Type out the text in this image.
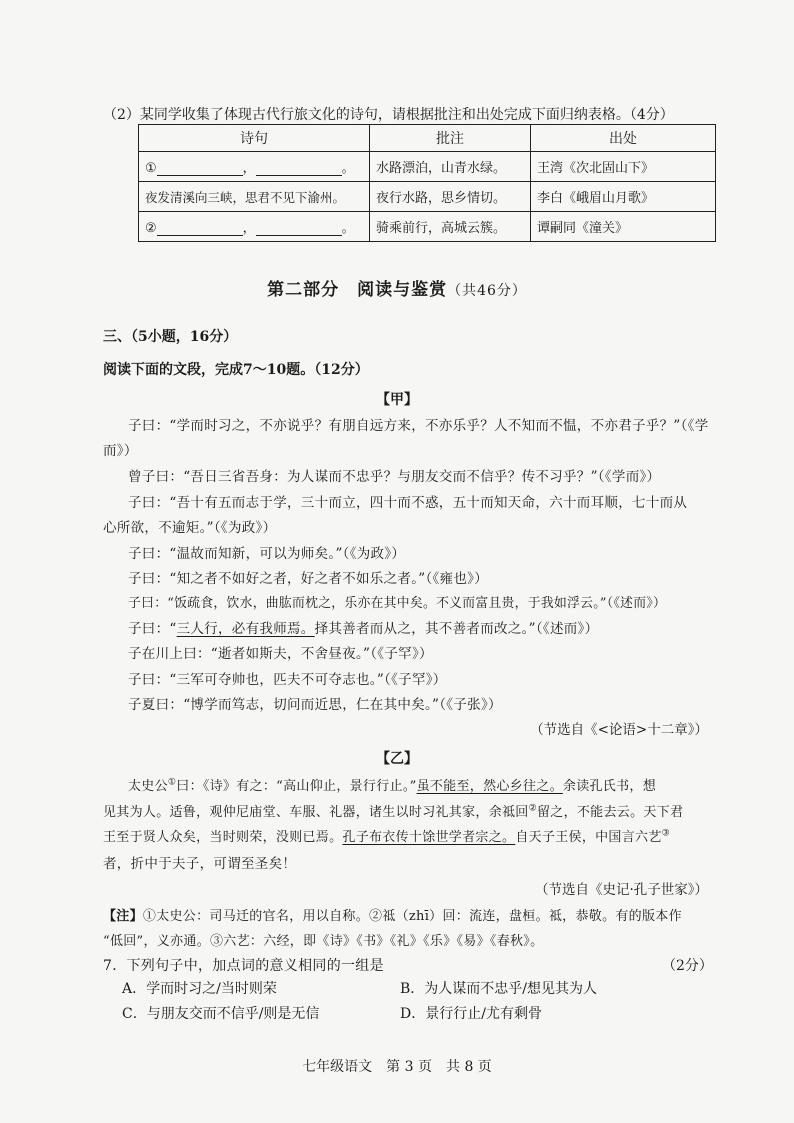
（2）某同学收集了体现古代行旅文化的诗句，请根据批注和出处完成下面归纳表格。（4分）
诗句	批注	出处
① ， 。	水路漂泊，山青水绿。	王湾《次北固山下》
夜发清溪向三峡，思君不见下渝州。	夜行水路，思乡情切。	李白《峨眉山月歌》
② ， 。	骑乘前行，高城云簇。	谭嗣同《潼关》
第二部分　阅读与鉴赏（共46分）
三、（5小题，16分）
阅读下面的文段，完成7～10题。（12分）
【甲】
子曰：“学而时习之，不亦说乎？有朋自远方来，不亦乐乎？人不知而不愠，不亦君子乎？”（《学
而》）
曾子曰：“吾日三省吾身：为人谋而不忠乎？与朋友交而不信乎？传不习乎？”（《学而》）
子曰：“吾十有五而志于学，三十而立，四十而不惑，五十而知天命，六十而耳顺，七十而从
心所欲，不逾矩。”（《为政》）
子曰：“温故而知新，可以为师矣。”（《为政》）
子曰：“知之者不如好之者，好之者不如乐之者。”（《雍也》）
子曰：“饭疏食，饮水，曲肱而枕之，乐亦在其中矣。不义而富且贵，于我如浮云。”（《述而》）
子曰：“三人行，必有我师焉。择其善者而从之，其不善者而改之。”（《述而》）
子在川上曰：“逝者如斯夫，不舍昼夜。”（《子罕》）
子曰：“三军可夺帅也，匹夫不可夺志也。”（《子罕》）
子夏曰：“博学而笃志，切问而近思，仁在其中矣。”（《子张》）
（节选自《<论语>十二章》）
【乙】
太史公①曰：《诗》有之：“高山仰止，景行行止。”虽不能至，然心乡往之。余读孔氏书，想
见其为人。适鲁，观仲尼庙堂、车服、礼器，诸生以时习礼其家，余祗回②留之，不能去云。天下君
王至于贤人众矣，当时则荣，没则已焉。孔子布衣传十馀世学者宗之。自天子王侯，中国言六艺③
者，折中于夫子，可谓至圣矣！
（节选自《史记·孔子世家》）
【注】①太史公：司马迁的官名，用以自称。②祗（zhī）回：流连，盘桓。祗，恭敬。有的版本作
“低回”，义亦通。③六艺：六经，即《诗》《书》《礼》《乐》《易》《春秋》。
7．下列句子中，加点词的意义相同的一组是	（2分）
A．学而时习之/当时则荣	B．为人谋而不忠乎/想见其为人
C．与朋友交而不信乎/则是无信	D．景行行止/尤有剩骨
七年级语文　第 3 页　共 8 页
